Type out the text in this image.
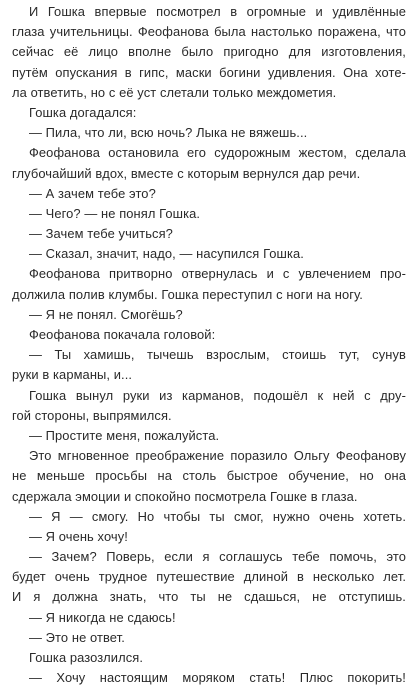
И Гошка впервые посмотрел в огромные и удивлённые
глаза учительницы. Феофанова была настолько поражена, что
сейчас её лицо вполне было пригодно для изготовления,
путём опускания в гипс, маски богини удивления. Она хоте-
ла ответить, но с её уст слетали только междометия.
Гошка догадался:
— Пила, что ли, всю ночь? Лыка не вяжешь...
Феофанова остановила его судорожным жестом, сделала
глубочайший вдох, вместе с которым вернулся дар речи.
— А зачем тебе это?
— Чего? — не понял Гошка.
— Зачем тебе учиться?
— Сказал, значит, надо, — насупился Гошка.
Феофанова притворно отвернулась и с увлечением про-
должила полив клумбы. Гошка переступил с ноги на ногу.
— Я не понял. Смогёшь?
Феофанова покачала головой:
— Ты хамишь, тычешь взрослым, стоишь тут, сунув
руки в карманы, и...
Гошка вынул руки из карманов, подошёл к ней с дру-
гой стороны, выпрямился.
— Простите меня, пожалуйста.
Это мгновенное преображение поразило Ольгу Феофанову
не меньше просьбы на столь быстрое обучение, но она
сдержала эмоции и спокойно посмотрела Гошке в глаза.
— Я — смогу. Но чтобы ты смог, нужно очень хотеть.
— Я очень хочу!
— Зачем? Поверь, если я соглашусь тебе помочь, это
будет очень трудное путешествие длиной в несколько лет.
И я должна знать, что ты не сдашься, не отступишь.
— Я никогда не сдаюсь!
— Это не ответ.
Гошка разозлился.
— Хочу настоящим моряком стать! Плюс покорить!
